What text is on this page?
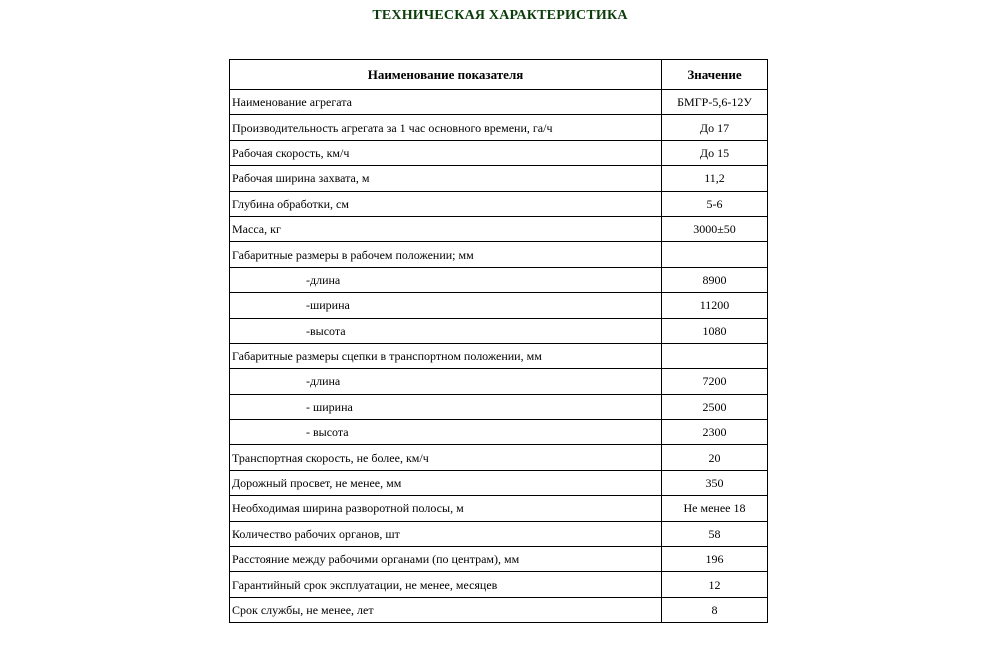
ТЕХНИЧЕСКАЯ ХАРАКТЕРИСТИКА
Наименование показателя	Значение
Наименование агрегата	БМГР-5,6-12У
Производительность агрегата за 1 час основного времени, га/ч	До 17
Рабочая скорость, км/ч	До 15
Рабочая ширина захвата, м	11,2
Глубина обработки, см	5-6
Масса, кг	3000±50
Габаритные размеры в рабочем положении; мм	
-длина	8900
-ширина	11200
-высота	1080
Габаритные размеры сцепки в транспортном положении, мм	
-длина	7200
- ширина	2500
- высота	2300
Транспортная скорость, не более, км/ч	20
Дорожный просвет, не менее, мм	350
Необходимая ширина разворотной полосы, м	Не менее 18
Количество рабочих органов, шт	58
Расстояние между рабочими органами (по центрам), мм	196
Гарантийный срок эксплуатации, не менее, месяцев	12
Срок службы, не менее, лет	8
